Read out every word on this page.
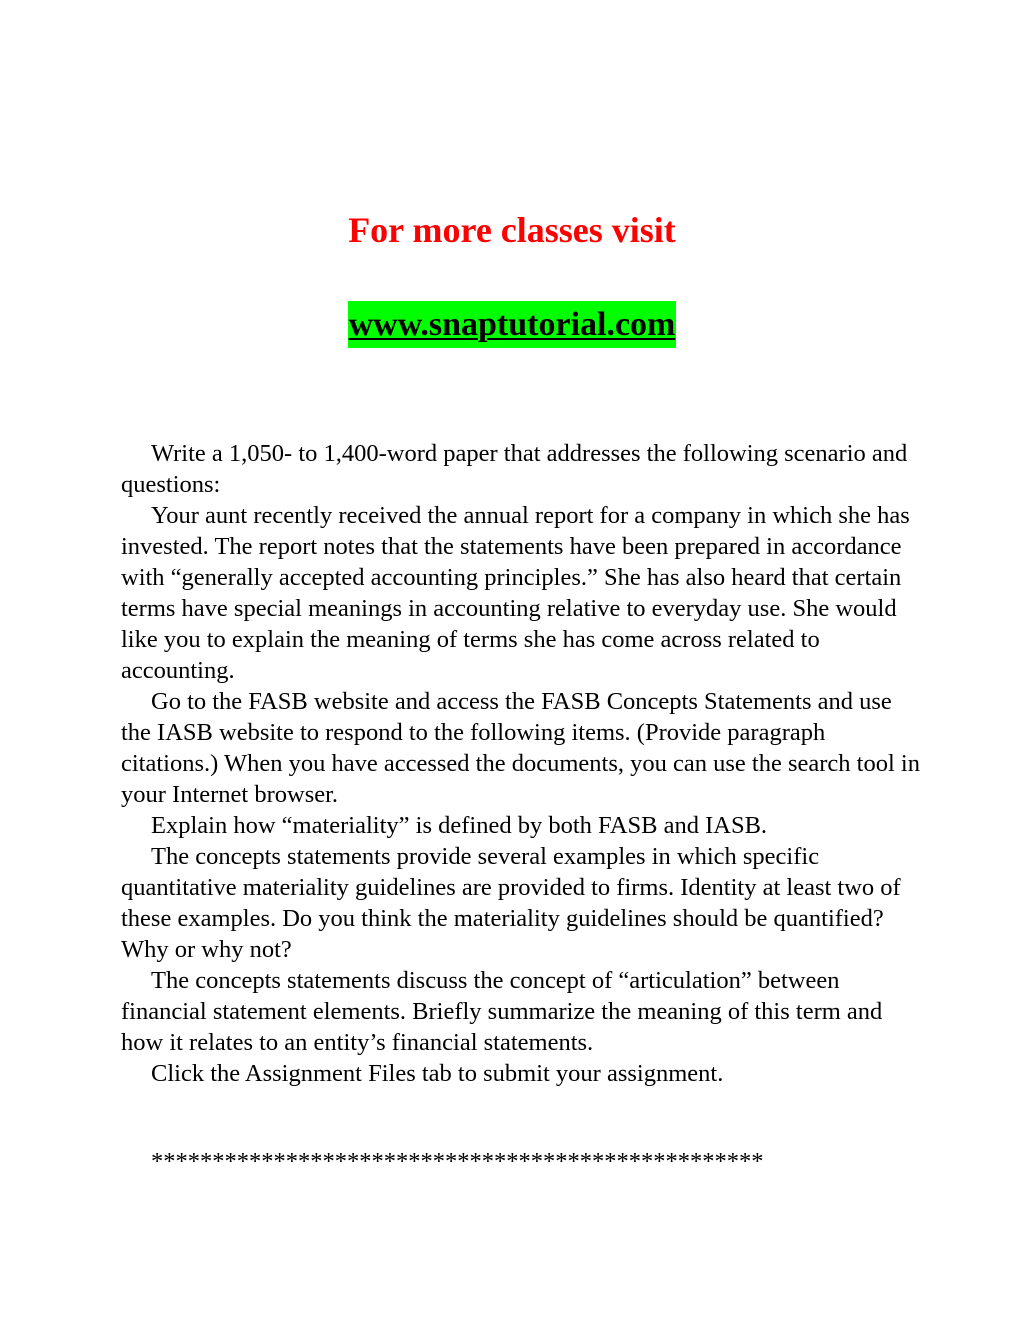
For more classes visit
www.snaptutorial.com

Write a 1,050- to 1,400-word paper that addresses the following scenario and questions:

Your aunt recently received the annual report for a company in which she has invested. The report notes that the statements have been prepared in accordance with “generally accepted accounting principles.” She has also heard that certain terms have special meanings in accounting relative to everyday use. She would like you to explain the meaning of terms she has come across related to accounting.

Go to the FASB website and access the FASB Concepts Statements and use the IASB website to respond to the following items. (Provide paragraph citations.) When you have accessed the documents, you can use the search tool in your Internet browser.

Explain how “materiality” is defined by both FASB and IASB.

The concepts statements provide several examples in which specific quantitative materiality guidelines are provided to firms. Identity at least two of these examples. Do you think the materiality guidelines should be quantified? Why or why not?

The concepts statements discuss the concept of “articulation” between financial statement elements. Briefly summarize the meaning of this term and how it relates to an entity’s financial statements.

Click the Assignment Files tab to submit your assignment.

**************************************************
